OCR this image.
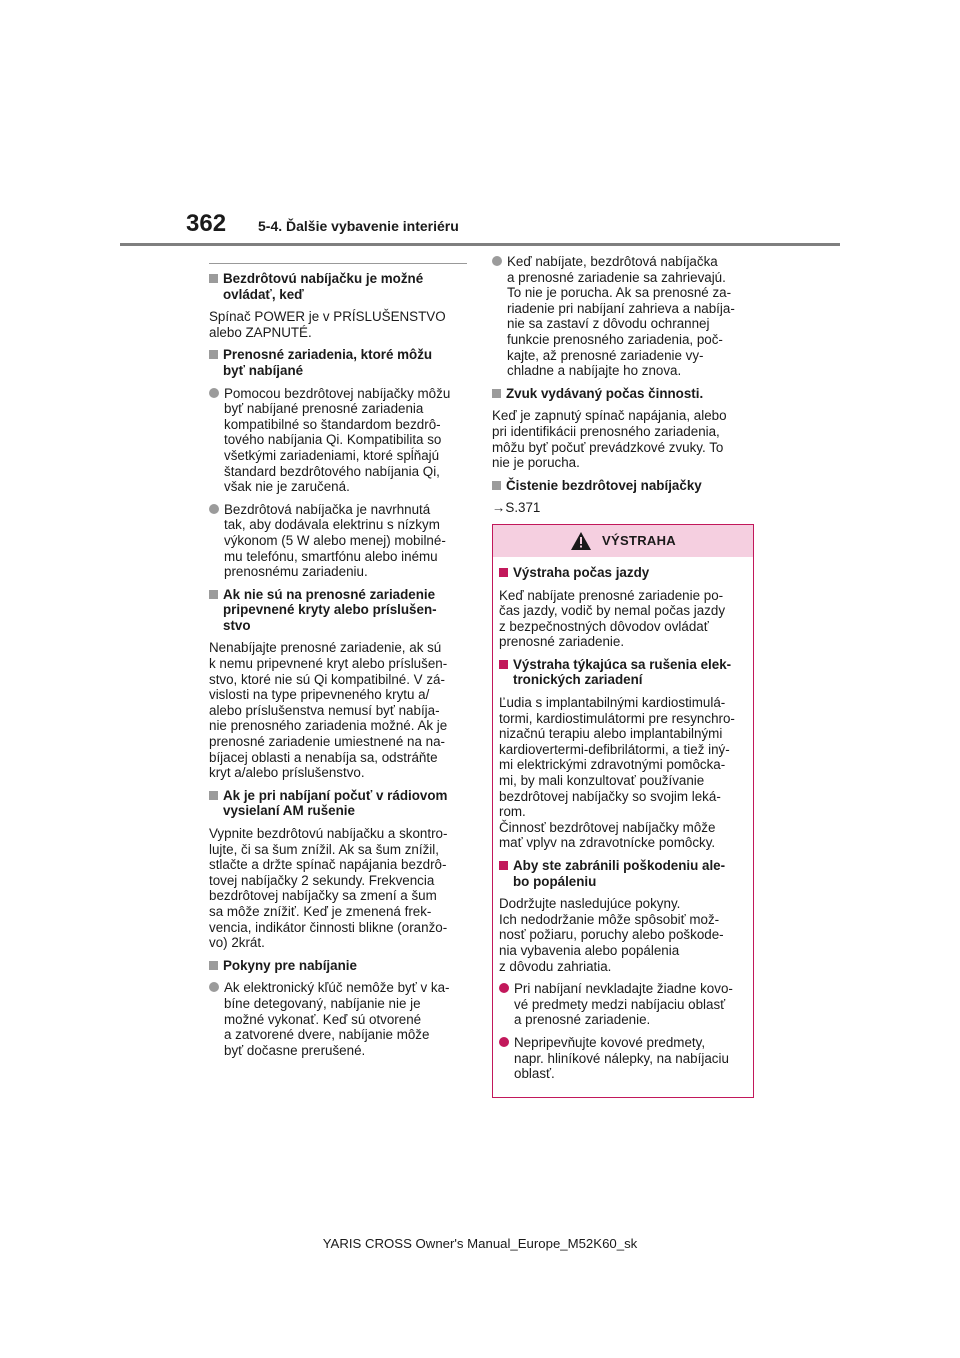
362 5-4. Ďalšie vybavenie interiéru
Bezdrôtovú nabíjačku je možné
ovládať, keď
Spínač POWER je v PRÍSLUŠENSTVO
alebo ZAPNUTÉ.
Prenosné zariadenia, ktoré môžu
byť nabíjané
Pomocou bezdrôtovej nabíjačky môžu
byť nabíjané prenosné zariadenia
kompatibilné so štandardom bezdrô-
tového nabíjania Qi. Kompatibilita so
všetkými zariadeniami, ktoré spĺňajú
štandard bezdrôtového nabíjania Qi,
však nie je zaručená.
Bezdrôtová nabíjačka je navrhnutá
tak, aby dodávala elektrinu s nízkym
výkonom (5 W alebo menej) mobilné-
mu telefónu, smartfónu alebo inému
prenosnému zariadeniu.
Ak nie sú na prenosné zariadenie
pripevnené kryty alebo príslušen-
stvo
Nenabíjajte prenosné zariadenie, ak sú
k nemu pripevnené kryt alebo príslušen-
stvo, ktoré nie sú Qi kompatibilné. V zá-
vislosti na type pripevneného krytu a/
alebo príslušenstva nemusí byť nabíja-
nie prenosného zariadenia možné. Ak je
prenosné zariadenie umiestnené na na-
bíjacej oblasti a nenabíja sa, odstráňte
kryt a/alebo príslušenstvo.
Ak je pri nabíjaní počuť v rádiovom
vysielaní AM rušenie
Vypnite bezdrôtovú nabíjačku a skontro-
lujte, či sa šum znížil. Ak sa šum znížil,
stlačte a držte spínač napájania bezdrô-
tovej nabíjačky 2 sekundy. Frekvencia
bezdrôtovej nabíjačky sa zmení a šum
sa môže znížiť. Keď je zmenená frek-
vencia, indikátor činnosti blikne (oranžo-
vo) 2krát.
Pokyny pre nabíjanie
Ak elektronický kľúč nemôže byť v ka-
bíne detegovaný, nabíjanie nie je
možné vykonať. Keď sú otvorené
a zatvorené dvere, nabíjanie môže
byť dočasne prerušené.
Keď nabíjate, bezdrôtová nabíjačka
a prenosné zariadenie sa zahrievajú.
To nie je porucha. Ak sa prenosné za-
riadenie pri nabíjaní zahrieva a nabíja-
nie sa zastaví z dôvodu ochrannej
funkcie prenosného zariadenia, poč-
kajte, až prenosné zariadenie vy-
chladne a nabíjajte ho znova.
Zvuk vydávaný počas činnosti.
Keď je zapnutý spínač napájania, alebo
pri identifikácii prenosného zariadenia,
môžu byť počuť prevádzkové zvuky. To
nie je porucha.
Čistenie bezdrôtovej nabíjačky
→S.371
VÝSTRAHA
Výstraha počas jazdy
Keď nabíjate prenosné zariadenie po-
čas jazdy, vodič by nemal počas jazdy
z bezpečnostných dôvodov ovládať
prenosné zariadenie.
Výstraha týkajúca sa rušenia elek-
tronických zariadení
Ľudia s implantabilnými kardiostimulá-
tormi, kardiostimulátormi pre resynchro-
nizačnú terapiu alebo implantabilnými
kardiovertermi-defibrilátormi, a tiež iný-
mi elektrickými zdravotnými pomôcka-
mi, by mali konzultovať používanie
bezdrôtovej nabíjačky so svojim leká-
rom.
Činnosť bezdrôtovej nabíjačky môže
mať vplyv na zdravotnícke pomôcky.
Aby ste zabránili poškodeniu ale-
bo popáleniu
Dodržujte nasledujúce pokyny.
Ich nedodržanie môže spôsobiť mož-
nosť požiaru, poruchy alebo poškode-
nia vybavenia alebo popálenia
z dôvodu zahriatia.
Pri nabíjaní nevkladajte žiadne kovo-
vé predmety medzi nabíjaciu oblasť
a prenosné zariadenie.
Nepripevňujte kovové predmety,
napr. hliníkové nálepky, na nabíjaciu
oblasť.
YARIS CROSS Owner's Manual_Europe_M52K60_sk
